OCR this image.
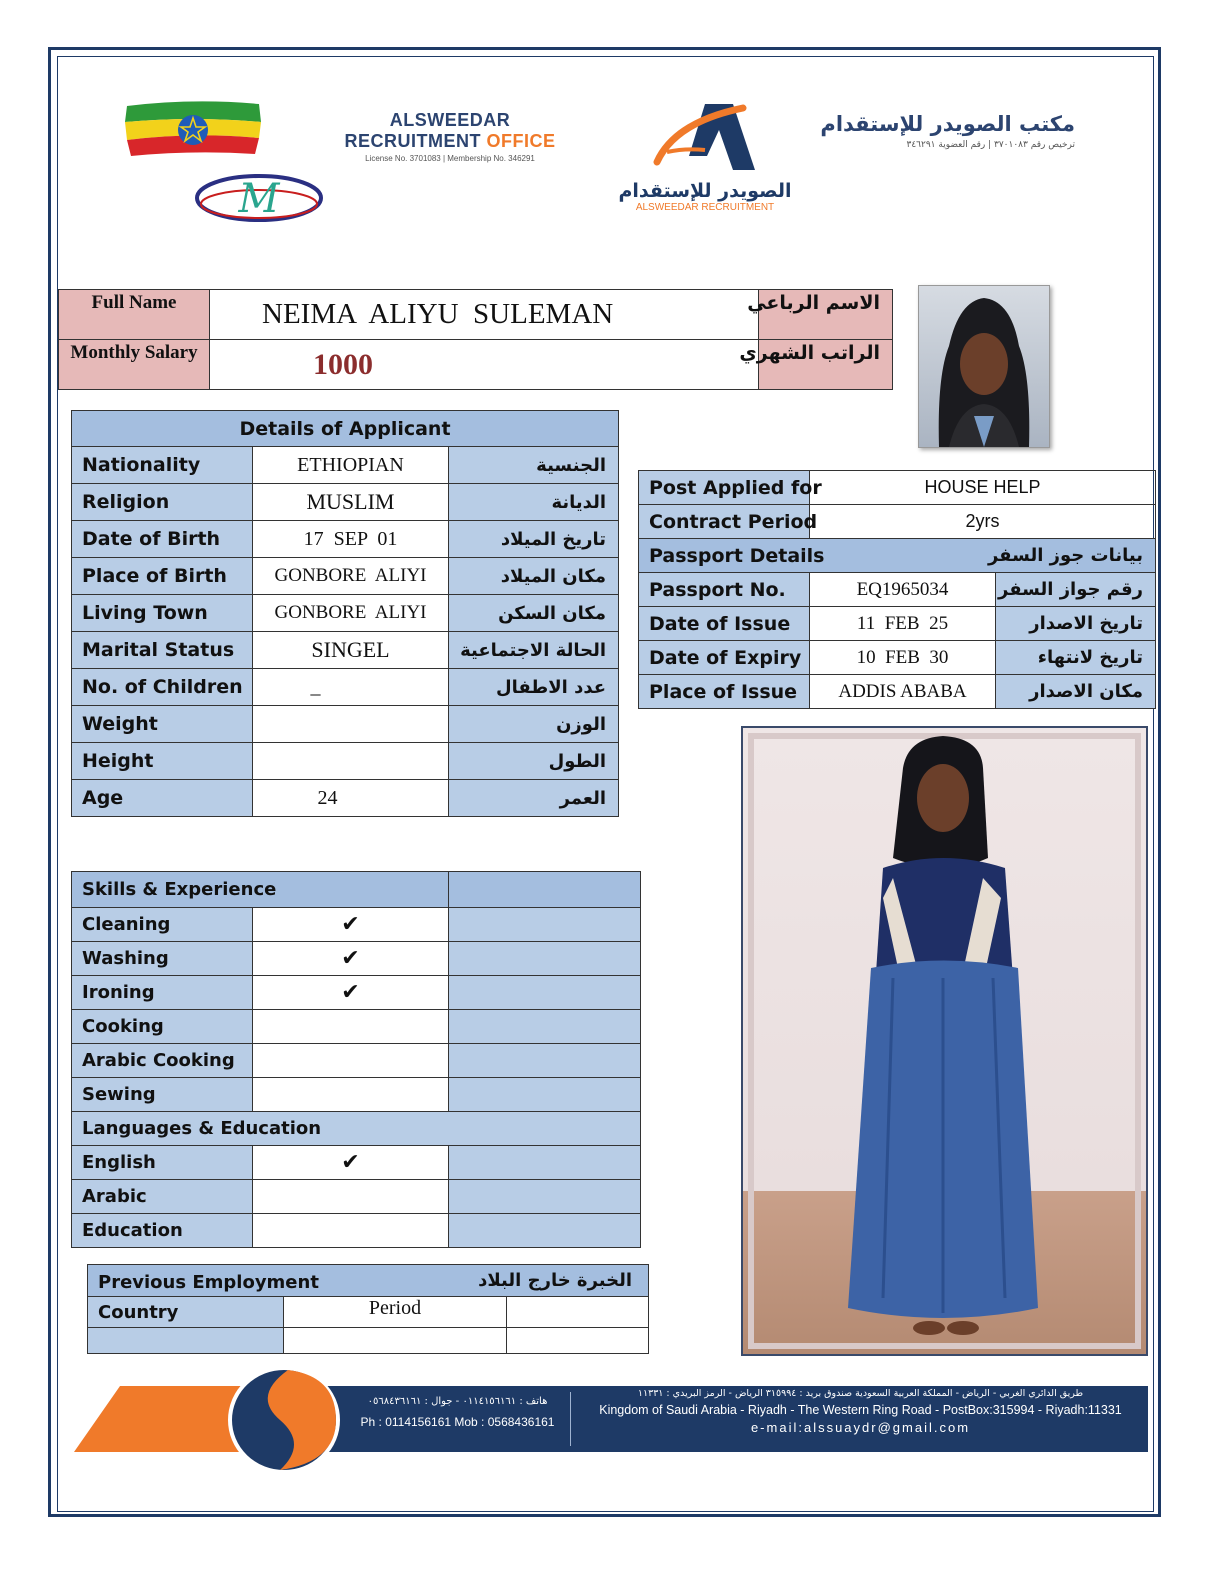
M
ALSWEEDAR
RECRUITMENT OFFICE
License No. 3701083 | Membership No. 346291
الصويدر للإستقدام
ALSWEEDAR RECRUITMENT
مكتب الصويدر للإستقدام
ترخيص رقم ٣٧٠١٠٨٣ | رقم العضوية ٣٤٦٢٩١
Full Name	NEIMA  ALIYU  SULEMAN	الاسم الرباعي
Monthly Salary	1000	الراتب الشهري
Details of Applicant		
Nationality	ETHIOPIAN	الجنسية
Religion	MUSLIM	الديانة
Date of Birth	17  SEP  01	تاريخ الميلاد
Place of Birth	GONBORE  ALIYI	مكان الميلاد
Living Town	GONBORE  ALIYI	مكان السكن
Marital Status	SINGEL	الحالة الاجتماعية
No. of Children	_	عدد الاطفال
Weight		الوزن
Height		الطول
Age	24	العمر
Post Applied for	HOUSE HELP	
Contract Period	2yrs	

Passport Details بيانات جوز السفر		

Passport No.	EQ1965034	رقم جواز السفر
Date of Issue	11  FEB  25	تاريخ الاصدار
Date of Expiry	10  FEB  30	تاريخ لانتهاء
Place of Issue	ADDIS ABABA	مكان الاصدار
Skills & Experience		
Cleaning	✔	
Washing	✔	
Ironing	✔	
Cooking		
Arabic Cooking		
Sewing		
Languages & Education		
English	✔	
Arabic		
Education		
Previous Employment الخبرة خارج البلاد		

Country	Period	

هاتف : ٠١١٤١٥٦١٦١ - جوال : ٠٥٦٨٤٣٦١٦١
Ph : 0114156161 Mob : 0568436161
طريق الدائري الغربي - الرياض - المملكة العربية السعودية صندوق بريد : ٣١٥٩٩٤ الرياض - الرمز البريدي : ١١٣٣١
Kingdom of Saudi Arabia - Riyadh - The Western Ring Road - PostBox:315994 - Riyadh:11331
e-mail:alssuaydr@gmail.com
